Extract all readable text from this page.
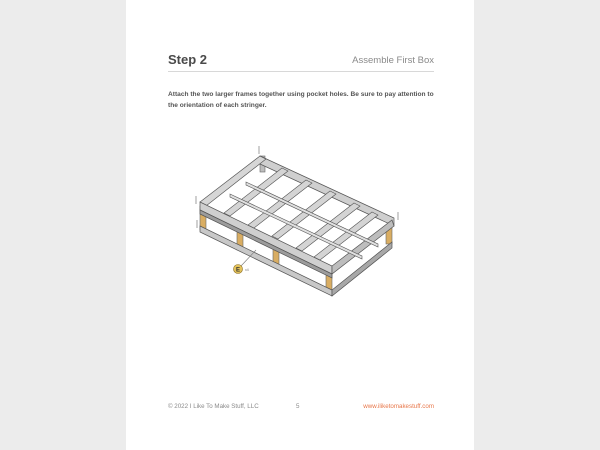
Step 2	Assemble First Box
Attach the two larger frames together using pocket holes. Be sure to pay attention to the orientation of each stringer.
E x4
© 2022 I Like To Make Stuff, LLC	5	www.iliketomakestuff.com
